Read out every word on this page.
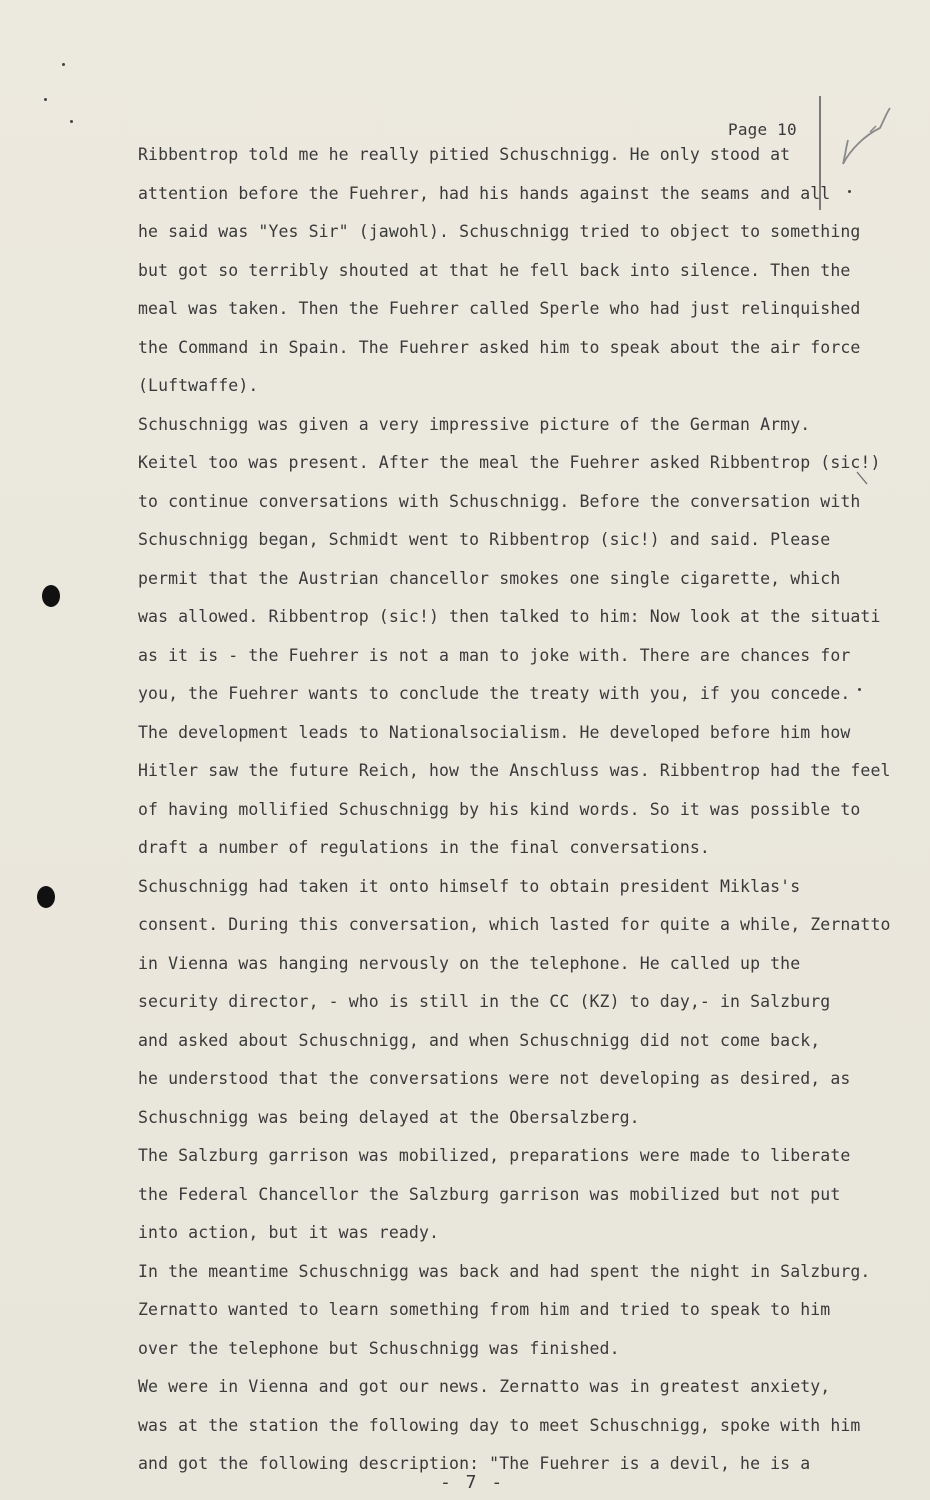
Page 10
Ribbentrop told me he really pitied Schuschnigg. He only stood at
attention before the Fuehrer, had his hands against the seams and all
he said was "Yes Sir" (jawohl). Schuschnigg tried to object to something
but got so terribly shouted at that he fell back into silence. Then the
meal was taken. Then the Fuehrer called Sperle who had just relinquished
the Command in Spain. The Fuehrer asked him to speak about the air force
(Luftwaffe).
Schuschnigg was given a very impressive picture of the German Army.
Keitel too was present. After the meal the Fuehrer asked Ribbentrop (sic!)
to continue conversations with Schuschnigg. Before the conversation with
Schuschnigg began, Schmidt went to Ribbentrop (sic!) and said. Please
permit that the Austrian chancellor smokes one single cigarette, which
was allowed. Ribbentrop (sic!) then talked to him: Now look at the situati
as it is - the Fuehrer is not a man to joke with. There are chances for
you, the Fuehrer wants to conclude the treaty with you, if you concede.
The development leads to Nationalsocialism. He developed before him how
Hitler saw the future Reich, how the Anschluss was. Ribbentrop had the feel
of having mollified Schuschnigg by his kind words. So it was possible to
draft a number of regulations in the final conversations.
Schuschnigg had taken it onto himself to obtain president Miklas's
consent. During this conversation, which lasted for quite a while, Zernatto
in Vienna was hanging nervously on the telephone. He called up the
security director, - who is still in the CC (KZ) to day,- in Salzburg
and asked about Schuschnigg, and when Schuschnigg did not come back,
he understood that the conversations were not developing as desired, as
Schuschnigg was being delayed at the Obersalzberg.
The Salzburg garrison was mobilized, preparations were made to liberate
the Federal Chancellor the Salzburg garrison was mobilized but not put
into action, but it was ready.
In the meantime Schuschnigg was back and had spent the night in Salzburg.
Zernatto wanted to learn something from him and tried to speak to him
over the telephone but Schuschnigg was finished.
We were in Vienna and got our news. Zernatto was in greatest anxiety,
was at the station the following day to meet Schuschnigg, spoke with him
and got the following description: "The Fuehrer is a devil, he is a
- 7 -
